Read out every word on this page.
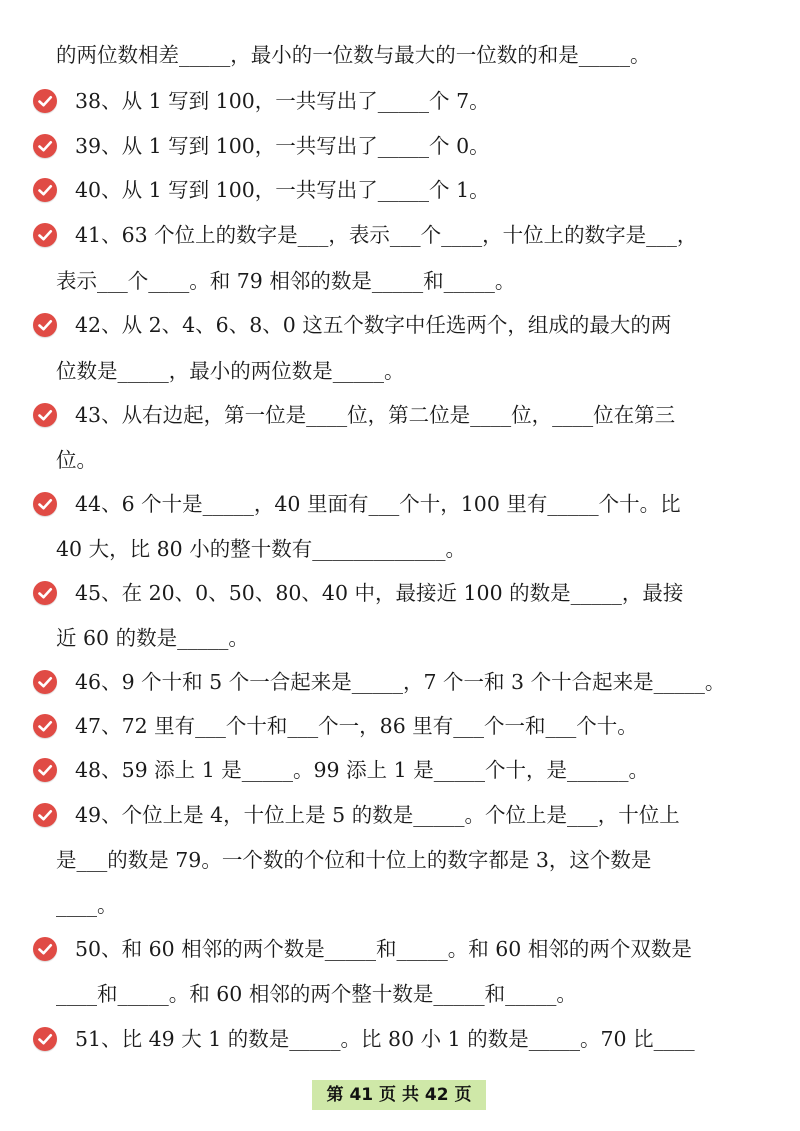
的两位数相差_____，最小的一位数与最大的一位数的和是_____。
38、从 1 写到 100，一共写出了_____个 7。
39、从 1 写到 100，一共写出了_____个 0。
40、从 1 写到 100，一共写出了_____个 1。
41、63 个位上的数字是___，表示___个____，十位上的数字是___，
表示___个____。和 79 相邻的数是_____和_____。
42、从 2、4、6、8、0 这五个数字中任选两个，组成的最大的两
位数是_____，最小的两位数是_____。
43、从右边起，第一位是____位，第二位是____位，____位在第三
位。
44、6 个十是_____，40 里面有___个十，100 里有_____个十。比
40 大，比 80 小的整十数有_____________。
45、在 20、0、50、80、40 中，最接近 100 的数是_____，最接
近 60 的数是_____。
46、9 个十和 5 个一合起来是_____，7 个一和 3 个十合起来是_____。
47、72 里有___个十和___个一，86 里有___个一和___个十。
48、59 添上 1 是_____。99 添上 1 是_____个十，是______。
49、个位上是 4，十位上是 5 的数是_____。个位上是___，十位上
是___的数是 79。一个数的个位和十位上的数字都是 3，这个数是
____。
50、和 60 相邻的两个数是_____和_____。和 60 相邻的两个双数是
____和_____。和 60 相邻的两个整十数是_____和_____。
51、比 49 大 1 的数是_____。比 80 小 1 的数是_____。70 比____
第 41 页 共 42 页
